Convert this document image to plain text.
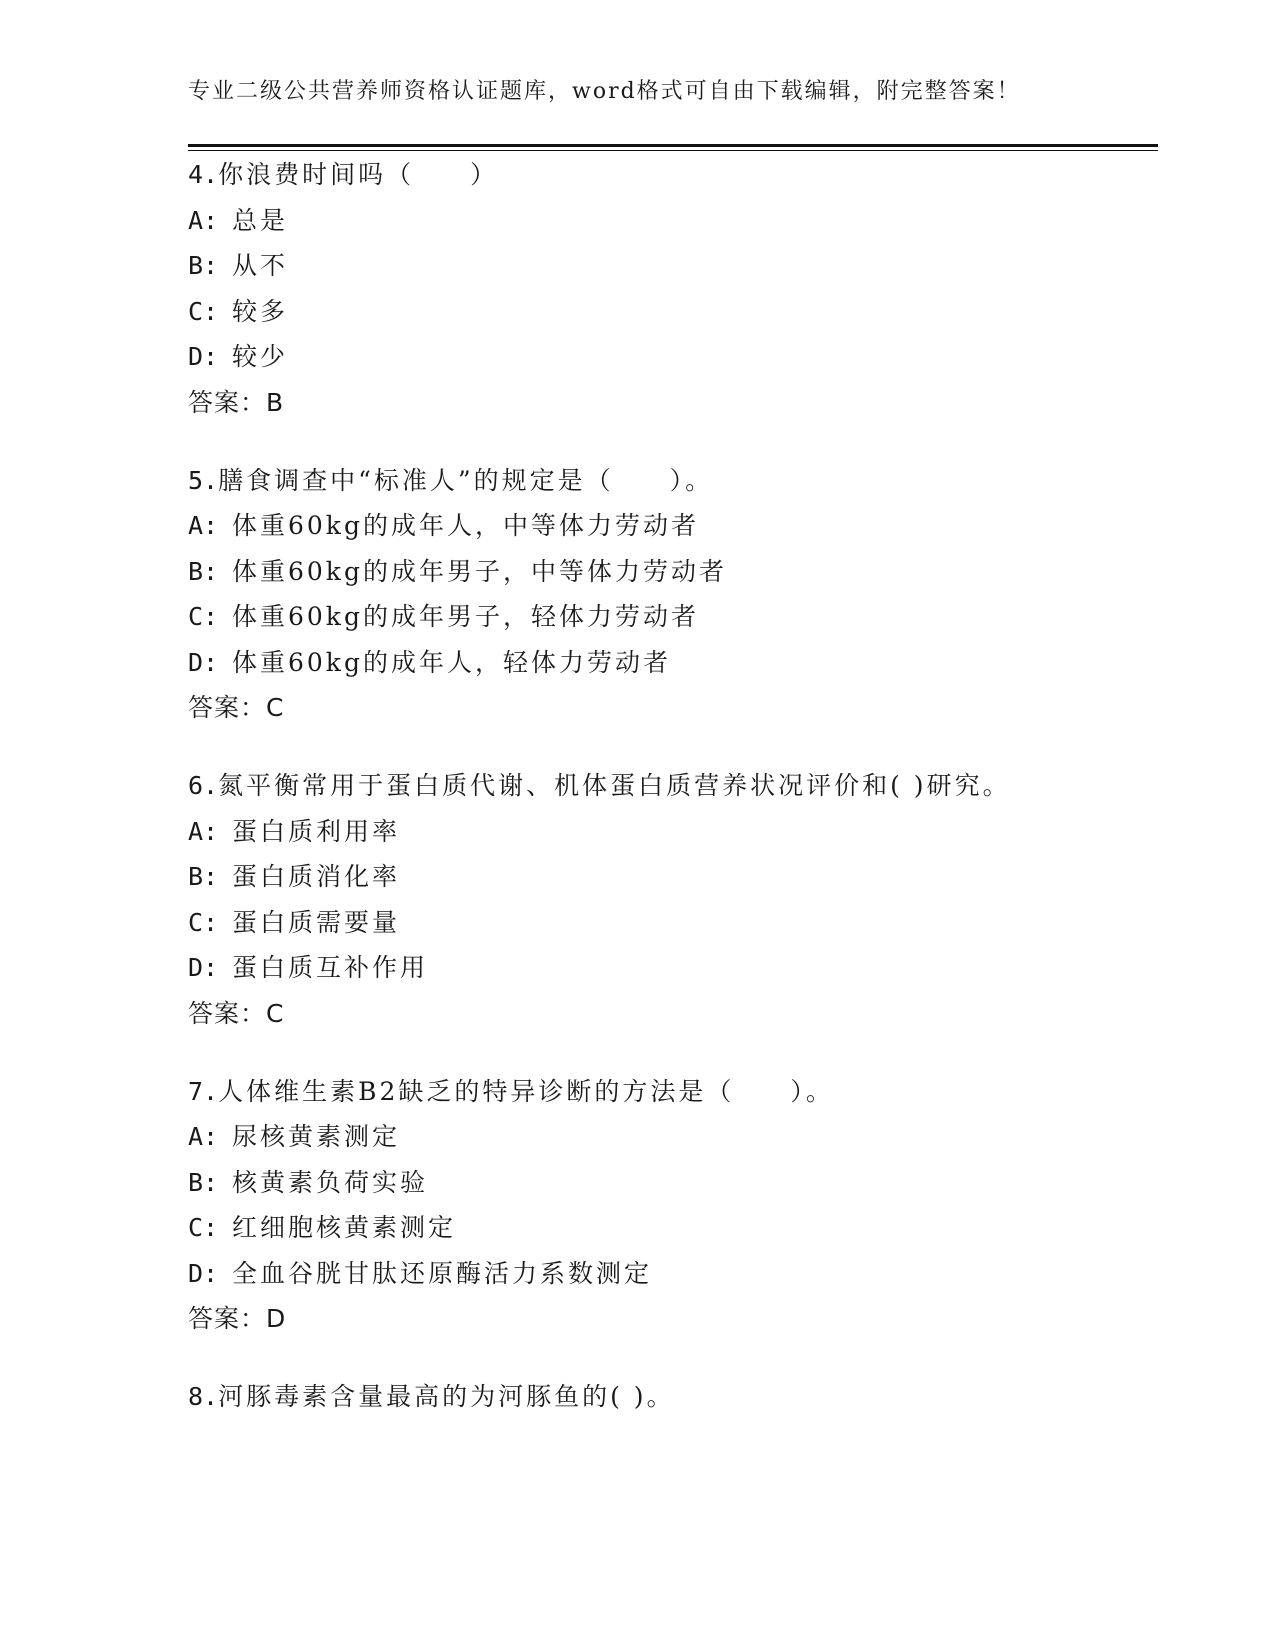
专业二级公共营养师资格认证题库，word格式可自由下载编辑，附完整答案！
4.你浪费时间吗（　　）
A: 总是
B: 从不
C: 较多
D: 较少
答案：B
5.膳食调查中“标准人”的规定是（　　）。
A: 体重60kg的成年人，中等体力劳动者
B: 体重60kg的成年男子，中等体力劳动者
C: 体重60kg的成年男子，轻体力劳动者
D: 体重60kg的成年人，轻体力劳动者
答案：C
6.氮平衡常用于蛋白质代谢、机体蛋白质营养状况评价和( )研究。
A: 蛋白质利用率
B: 蛋白质消化率
C: 蛋白质需要量
D: 蛋白质互补作用
答案：C
7.人体维生素B2缺乏的特异诊断的方法是（　　）。
A: 尿核黄素测定
B: 核黄素负荷实验
C: 红细胞核黄素测定
D: 全血谷胱甘肽还原酶活力系数测定
答案：D
8.河豚毒素含量最高的为河豚鱼的( )。
